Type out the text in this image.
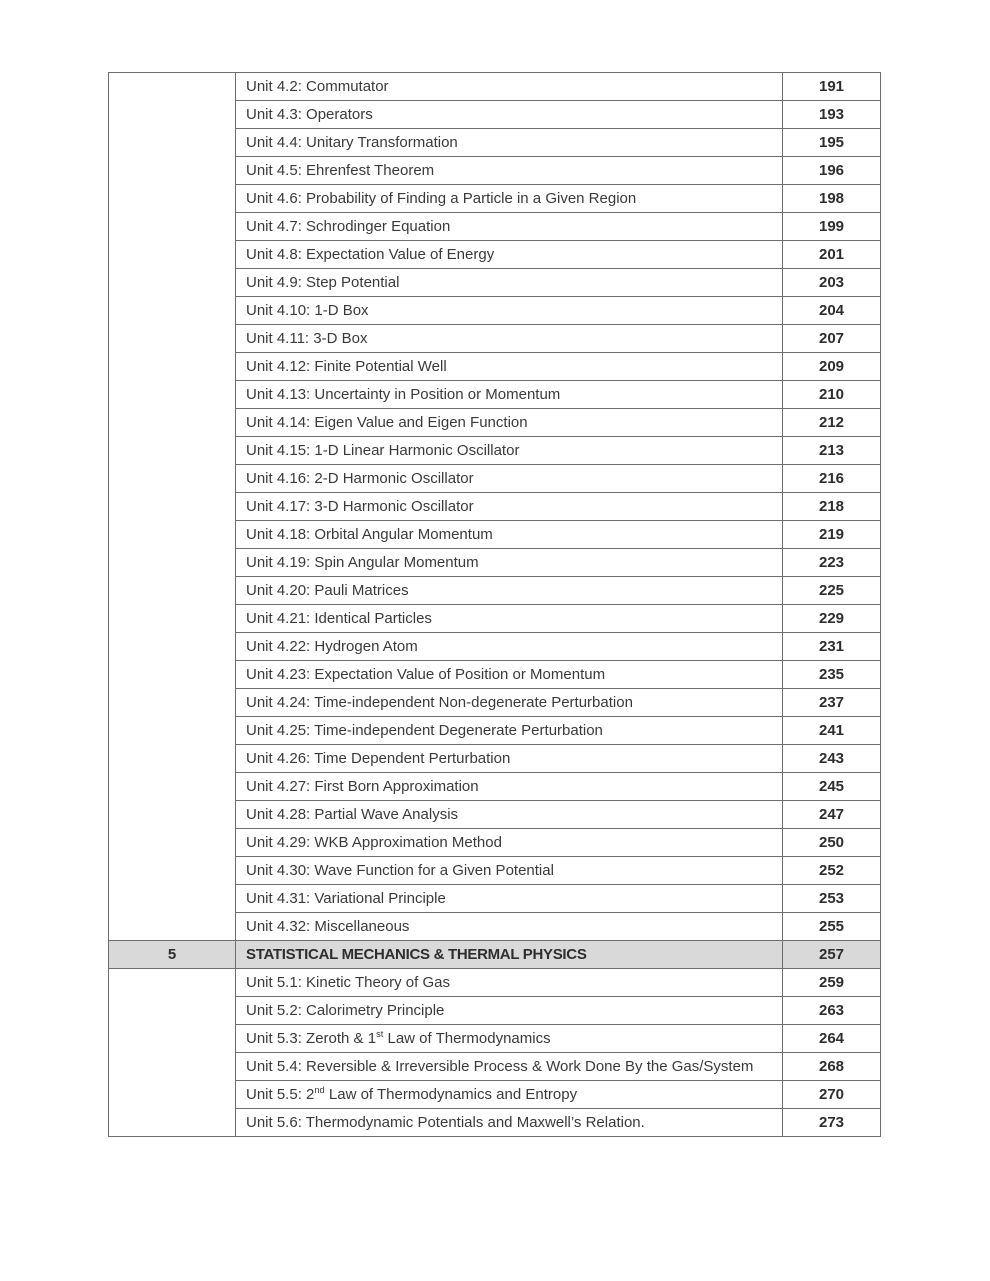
	Unit 4.2: Commutator	191
	Unit 4.3: Operators	193
	Unit 4.4: Unitary Transformation	195
	Unit 4.5: Ehrenfest Theorem	196
	Unit 4.6: Probability of Finding a Particle in a Given Region	198
	Unit 4.7: Schrodinger Equation	199
	Unit 4.8: Expectation Value of Energy	201
	Unit 4.9: Step Potential	203
	Unit 4.10: 1-D Box	204
	Unit 4.11: 3-D Box	207
	Unit 4.12: Finite Potential Well	209
	Unit 4.13: Uncertainty in Position or Momentum	210
	Unit 4.14: Eigen Value and Eigen Function	212
	Unit 4.15: 1-D Linear Harmonic Oscillator	213
	Unit 4.16: 2-D Harmonic Oscillator	216
	Unit 4.17: 3-D Harmonic Oscillator	218
	Unit 4.18: Orbital Angular Momentum	219
	Unit 4.19: Spin Angular Momentum	223
	Unit 4.20: Pauli Matrices	225
	Unit 4.21: Identical Particles	229
	Unit 4.22: Hydrogen Atom	231
	Unit 4.23: Expectation Value of Position or Momentum	235
	Unit 4.24: Time-independent Non-degenerate Perturbation	237
	Unit 4.25: Time-independent Degenerate Perturbation	241
	Unit 4.26: Time Dependent Perturbation	243
	Unit 4.27: First Born Approximation	245
	Unit 4.28: Partial Wave Analysis	247
	Unit 4.29: WKB Approximation Method	250
	Unit 4.30: Wave Function for a Given Potential	252
	Unit 4.31: Variational Principle	253
	Unit 4.32: Miscellaneous	255
5	STATISTICAL MECHANICS & THERMAL PHYSICS	257
	Unit 5.1: Kinetic Theory of Gas	259
	Unit 5.2: Calorimetry Principle	263
	Unit 5.3: Zeroth & 1st Law of Thermodynamics	264
	Unit 5.4: Reversible & Irreversible Process & Work Done By the Gas/System	268
	Unit 5.5: 2nd Law of Thermodynamics and Entropy	270
	Unit 5.6: Thermodynamic Potentials and Maxwell’s Relation.	273
